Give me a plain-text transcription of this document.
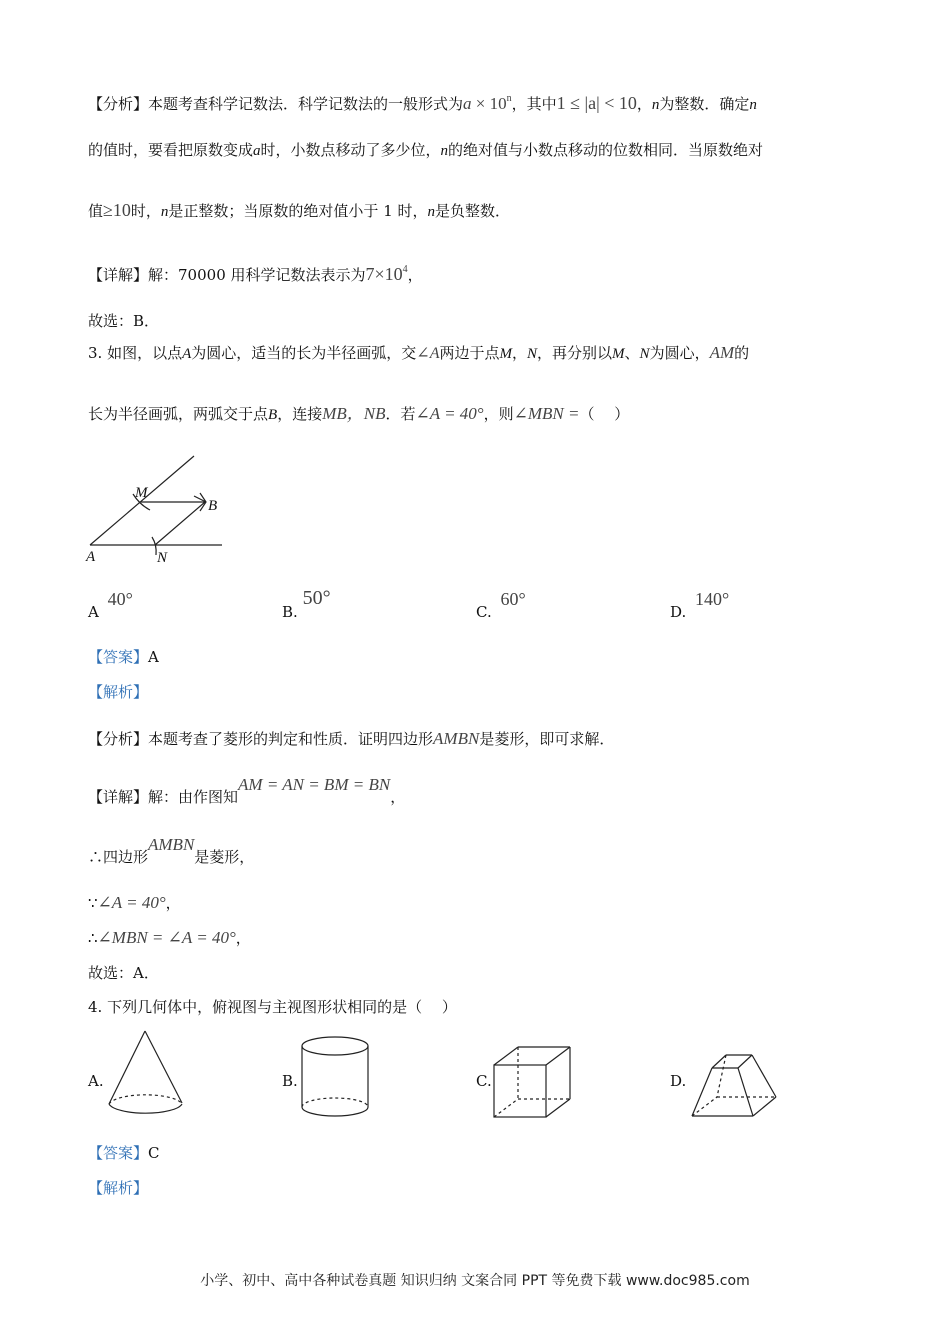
【分析】本题考查科学记数法．科学记数法的一般形式为$a \times 10^n$，其中1 ≤ |a| < 10，n为整数．确定n
的值时，要看把原数变成a时，小数点移动了多少位，n的绝对值与小数点移动的位数相同．当原数绝对
值≥10时，n是正整数；当原数的绝对值小于 1 时，n是负整数．
【详解】解：70000 用科学记数法表示为$7\times 10^4$，
故选：B．
3. 如图，以点A为圆心，适当的长为半径画弧，交∠A两边于点M，N，再分别以M、N为圆心，AM的
长为半径画弧，两弧交于点B，连接MB，NB．若∠A = 40°，则∠MBN =（　 ）
M
B
A	N
A 40°
B. 50°
C. 60°
D. 140°
【答案】A
【解析】
【分析】本题考查了菱形的判定和性质．证明四边形AMBN是菱形，即可求解．
【详解】解：由作图知AM = AN = BM = BN，
∴四边形AMBN是菱形，
∵∠A = 40°，
∴∠MBN = ∠A = 40°，
故选：A．
4. 下列几何体中，俯视图与主视图形状相同的是（　 ）
A.	B.	C.	D.
【答案】C
【解析】
小学、初中、高中各种试卷真题 知识归纳 文案合同 PPT 等免费下载 www.doc985.com
